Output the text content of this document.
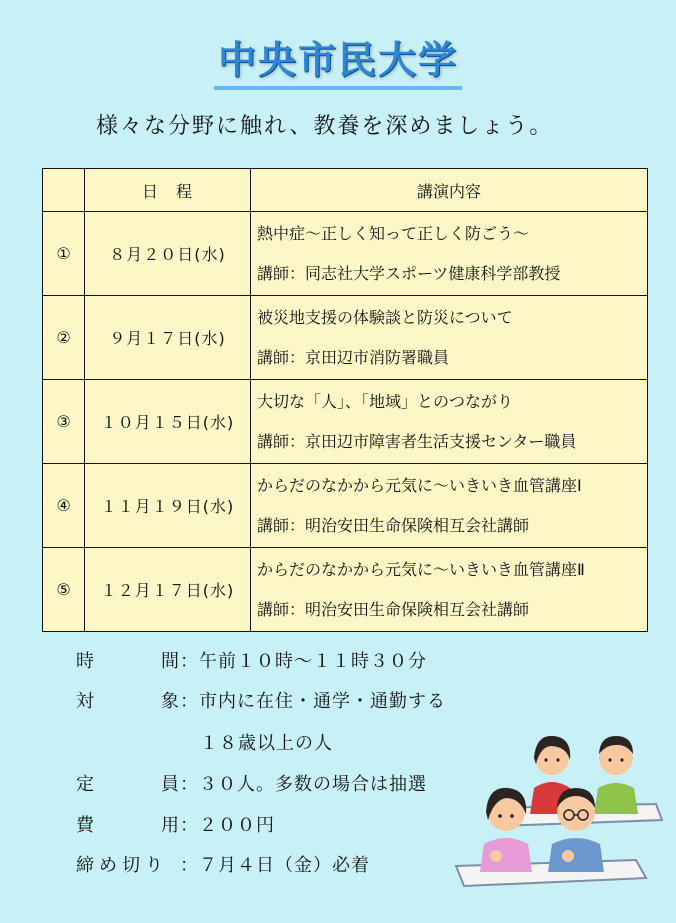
中央市民大学
様々な分野に触れ、教養を深めましょう。
	日　程	講演内容
①	８月２０日(水)	熱中症～正しく知って正しく防ごう～
講師：同志社大学スポーツ健康科学部教授

②	９月１７日(水)	被災地支援の体験談と防災について
講師：京田辺市消防署職員

③	１０月１５日(水)	大切な「人」、「地域」とのつながり
講師：京田辺市障害者生活支援センター職員

④	１１月１９日(水)	からだのなかから元気に～いきいき血管講座Ⅰ
講師：明治安田生命保険相互会社講師

⑤	１２月１７日(水)	からだのなかから元気に～いきいき血管講座Ⅱ
講師：明治安田生命保険相互会社講師
時	間 ：午前１０時～１１時３０分
対	象 ：市内に在住・通学・通勤する
１８歳以上の人
定	員 ：３０人。多数の場合は抽選
費	用 ：２００円
締め切り ：７月４日（金）必着
